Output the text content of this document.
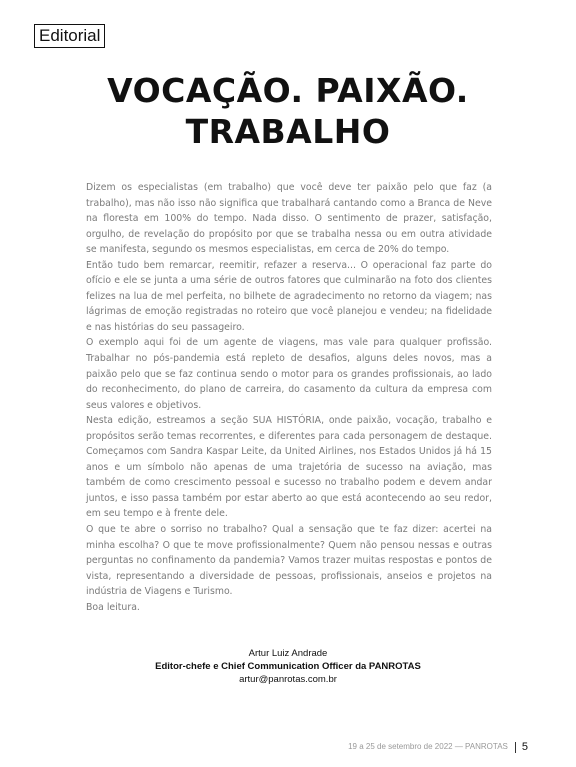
Editorial
VOCAÇÃO. PAIXÃO.
TRABALHO

Dizem os especialistas (em trabalho) que você deve ter paixão pelo que faz (a trabalho), mas não isso não significa que trabalhará cantando como a Branca de Neve na floresta em 100% do tempo. Nada disso. O sentimento de prazer, satisfação, orgulho, de revelação do propósito por que se trabalha nessa ou em outra atividade se manifesta, segundo os mesmos especialistas, em cerca de 20% do tempo.

Então tudo bem remarcar, reemitir, refazer a reserva... O operacional faz parte do ofício e ele se junta a uma série de outros fatores que culminarão na foto dos clientes felizes na lua de mel perfeita, no bilhete de agradecimento no retorno da viagem; nas lágrimas de emoção registradas no roteiro que você planejou e vendeu; na fidelidade e nas histórias do seu passageiro.

O exemplo aqui foi de um agente de viagens, mas vale para qualquer profissão. Trabalhar no pós-pandemia está repleto de desafios, alguns deles novos, mas a paixão pelo que se faz continua sendo o motor para os grandes profissionais, ao lado do reconhecimento, do plano de carreira, do casamento da cultura da empresa com seus valores e objetivos.

Nesta edição, estreamos a seção SUA HISTÓRIA, onde paixão, vocação, trabalho e propósitos serão temas recorrentes, e diferentes para cada personagem de destaque. Começamos com Sandra Kaspar Leite, da United Airlines, nos Estados Unidos já há 15 anos e um símbolo não apenas de uma trajetória de sucesso na aviação, mas também de como crescimento pessoal e sucesso no trabalho podem e devem andar juntos, e isso passa também por estar aberto ao que está acontecendo ao seu redor, em seu tempo e à frente dele.

O que te abre o sorriso no trabalho? Qual a sensação que te faz dizer: acertei na minha escolha? O que te move profissionalmente? Quem não pensou nessas e outras perguntas no confinamento da pandemia? Vamos trazer muitas respostas e pontos de vista, representando a diversidade de pessoas, profissionais, anseios e projetos na indústria de Viagens e Turismo.

Boa leitura.

Artur Luiz Andrade
Editor-chefe e Chief Communication Officer da PANROTAS
artur@panrotas.com.br
19 a 25 de setembro de 2022 — PANROTAS 5
